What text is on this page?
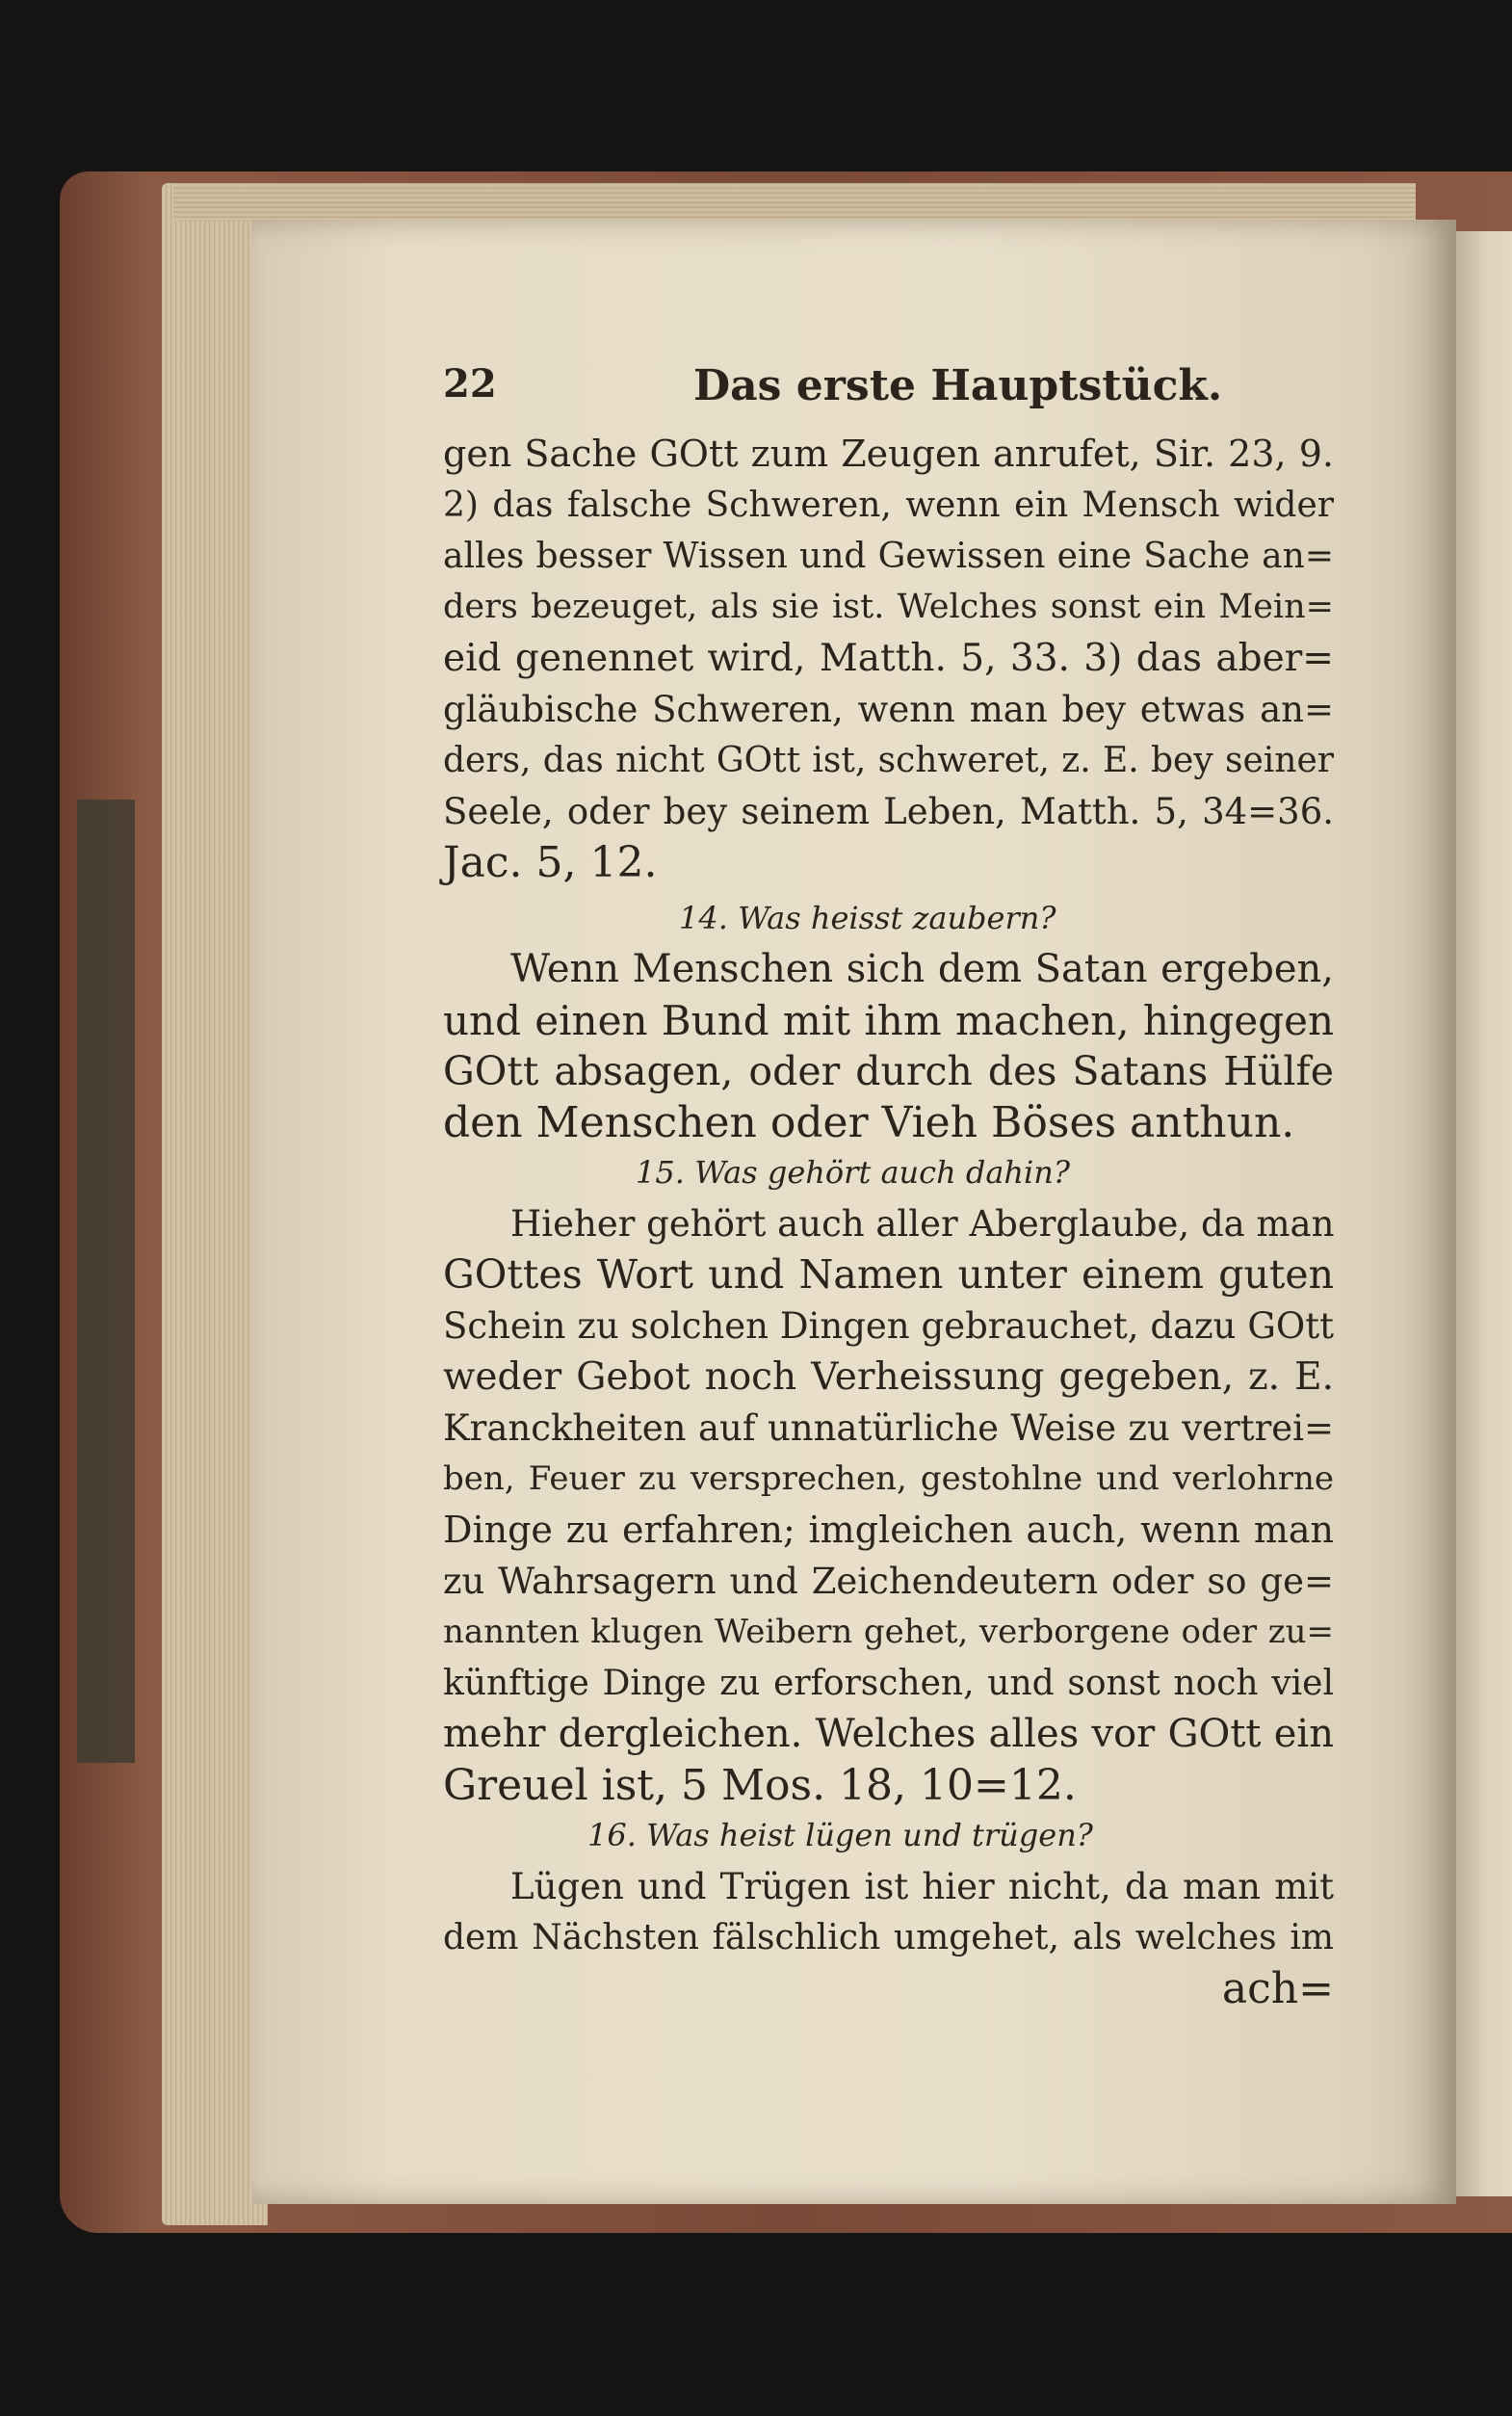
22	Das erste Hauptstück.
gen Sache GOtt zum Zeugen anrufet, Sir. 23, 9.
2) das falsche Schweren, wenn ein Mensch wider
alles besser Wissen und Gewissen eine Sache an=
ders bezeuget, als sie ist. Welches sonst ein Mein=
eid genennet wird, Matth. 5, 33. 3) das aber=
gläubische Schweren, wenn man bey etwas an=
ders, das nicht GOtt ist, schweret, z. E. bey seiner
Seele, oder bey seinem Leben, Matth. 5, 34=36.
Jac. 5, 12.
14. Was heisst zaubern?
Wenn Menschen sich dem Satan ergeben,
und einen Bund mit ihm machen, hingegen
GOtt absagen, oder durch des Satans Hülfe
den Menschen oder Vieh Böses anthun.
15. Was gehört auch dahin?
Hieher gehört auch aller Aberglaube, da man
GOttes Wort und Namen unter einem guten
Schein zu solchen Dingen gebrauchet, dazu GOtt
weder Gebot noch Verheissung gegeben, z. E.
Kranckheiten auf unnatürliche Weise zu vertrei=
ben, Feuer zu versprechen, gestohlne und verlohrne
Dinge zu erfahren; imgleichen auch, wenn man
zu Wahrsagern und Zeichendeutern oder so ge=
nannten klugen Weibern gehet, verborgene oder zu=
künftige Dinge zu erforschen, und sonst noch viel
mehr dergleichen. Welches alles vor GOtt ein
Greuel ist, 5 Mos. 18, 10=12.
16. Was heist lügen und trügen?
Lügen und Trügen ist hier nicht, da man mit
dem Nächsten fälschlich umgehet, als welches im
ach=
